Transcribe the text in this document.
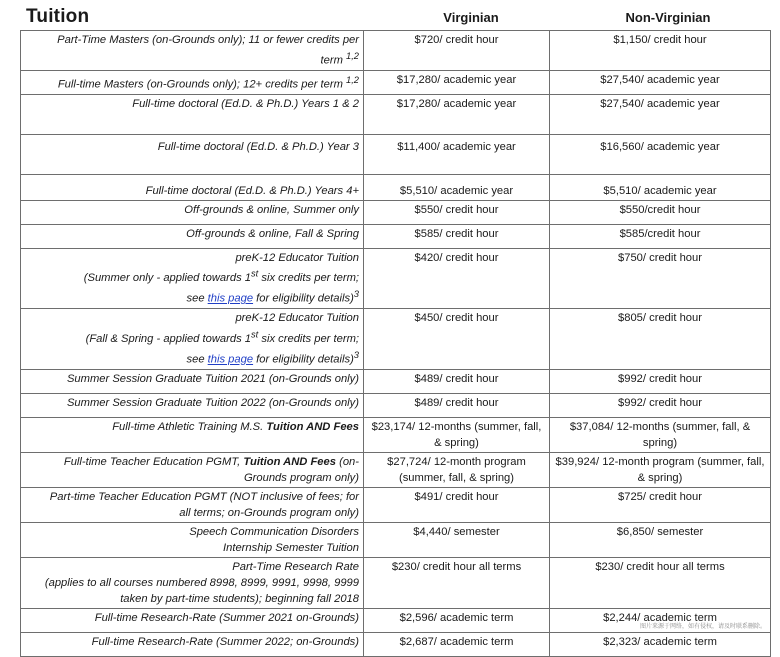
Tuition	Virginian	Non-Virginian
Part-Time Masters (on-Grounds only); 11 or fewer credits per
term $^{1,2}$	$720/ credit hour	$1,150/ credit hour
Full-time Masters (on-Grounds only); 12+ credits per term $^{1,2}$	$17,280/ academic year	$27,540/ academic year
Full-time doctoral (Ed.D. & Ph.D.) Years 1 & 2	$17,280/ academic year	$27,540/ academic year
Full-time doctoral (Ed.D. & Ph.D.) Year 3	$11,400/ academic year	$16,560/ academic year
Full-time doctoral (Ed.D. & Ph.D.) Years 4+	$5,510/ academic year	$5,510/ academic year
Off-grounds & online, Summer only	$550/ credit hour	$550/credit hour
Off-grounds & online, Fall & Spring	$585/ credit hour	$585/credit hour
preK-12 Educator Tuition
(Summer only - applied towards 1st six credits per term;
see this page for eligibility details)$^3$	$420/ credit hour	$750/ credit hour
preK-12 Educator Tuition
(Fall & Spring - applied towards 1st six credits per term;
see this page for eligibility details)$^3$	$450/ credit hour	$805/ credit hour
Summer Session Graduate Tuition 2021 (on-Grounds only)	$489/ credit hour	$992/ credit hour
Summer Session Graduate Tuition 2022 (on-Grounds only)	$489/ credit hour	$992/ credit hour
Full-time Athletic Training M.S. Tuition AND Fees	$23,174/ 12-months (summer, fall, & spring)	$37,084/ 12-months (summer, fall, & spring)
Full-time Teacher Education PGMT, Tuition AND Fees (on-Grounds program only)	$27,724/ 12-month program (summer, fall, & spring)	$39,924/ 12-month program (summer, fall, & spring)
Part-time Teacher Education PGMT (NOT inclusive of fees; for
all terms; on-Grounds program only)	$491/ credit hour	$725/ credit hour
Speech Communication Disorders
Internship Semester Tuition	$4,440/ semester	$6,850/ semester
Part-Time Research Rate
(applies to all courses numbered 8998, 8999, 9991, 9998, 9999
taken by part-time students); beginning fall 2018	$230/ credit hour all terms	$230/ credit hour all terms
Full-time Research-Rate (Summer 2021 on-Grounds)	$2,596/ academic term	$2,244/ academic term
Full-time Research-Rate (Summer 2022; on-Grounds)	$2,687/ academic term	$2,323/ academic term
图片来源于网络，如有侵权，请及时联系删除。
